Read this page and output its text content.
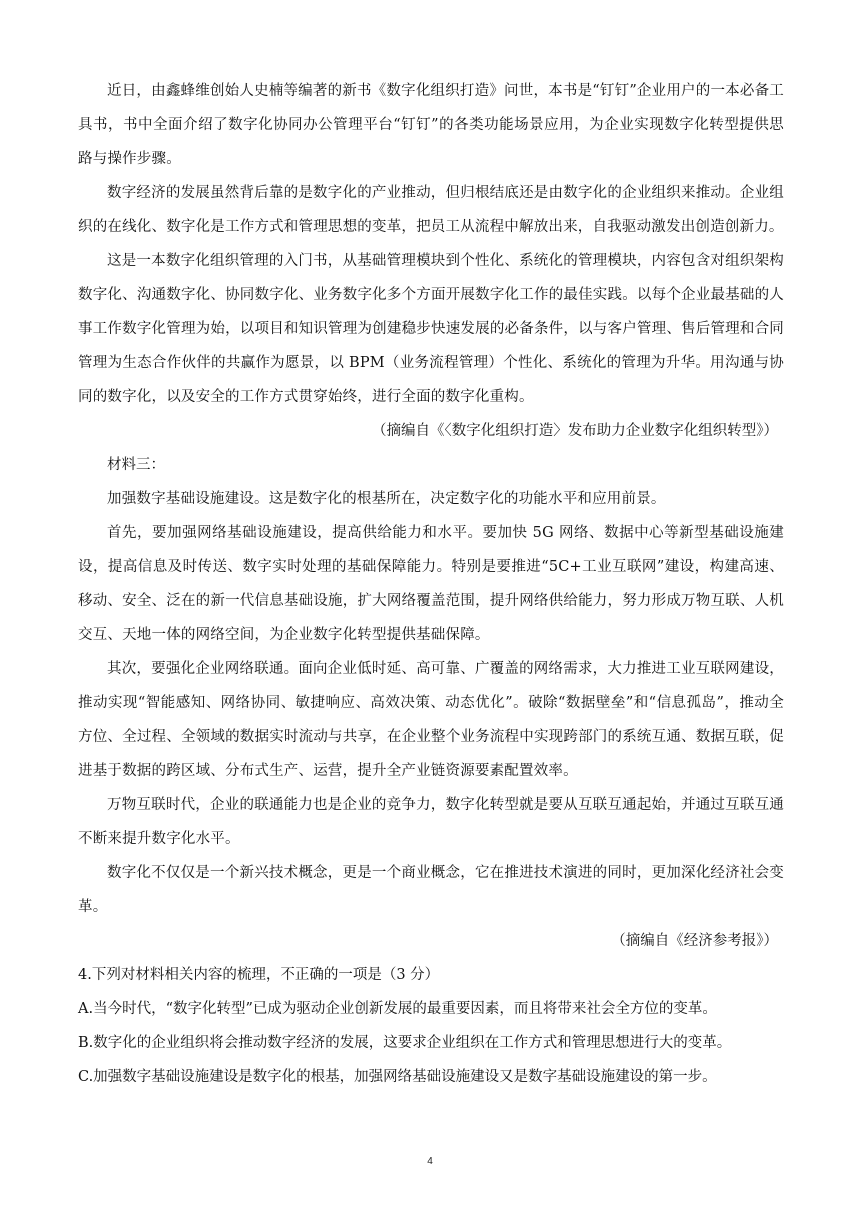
近日，由鑫蜂维创始人史楠等编著的新书《数字化组织打造》问世，本书是“钉钉”企业用户的一本必备工具书，书中全面介绍了数字化协同办公管理平台“钉钉”的各类功能场景应用，为企业实现数字化转型提供思路与操作步骤。

数字经济的发展虽然背后靠的是数字化的产业推动，但归根结底还是由数字化的企业组织来推动。企业组织的在线化、数字化是工作方式和管理思想的变革，把员工从流程中解放出来，自我驱动激发出创造创新力。

这是一本数字化组织管理的入门书，从基础管理模块到个性化、系统化的管理模块，内容包含对组织架构数字化、沟通数字化、协同数字化、业务数字化多个方面开展数字化工作的最佳实践。以每个企业最基础的人事工作数字化管理为始，以项目和知识管理为创建稳步快速发展的必备条件，以与客户管理、售后管理和合同管理为生态合作伙伴的共赢作为愿景，以 BPM（业务流程管理）个性化、系统化的管理为升华。用沟通与协同的数字化，以及安全的工作方式贯穿始终，进行全面的数字化重构。

（摘编自《〈数字化组织打造〉发布助力企业数字化组织转型》）

材料三：

加强数字基础设施建设。这是数字化的根基所在，决定数字化的功能水平和应用前景。

首先，要加强网络基础设施建设，提高供给能力和水平。要加快 5G 网络、数据中心等新型基础设施建设，提高信息及时传送、数字实时处理的基础保障能力。特别是要推进“5C+工业互联网”建设，构建高速、移动、安全、泛在的新一代信息基础设施，扩大网络覆盖范围，提升网络供给能力，努力形成万物互联、人机交互、天地一体的网络空间，为企业数字化转型提供基础保障。

其次，要强化企业网络联通。面向企业低时延、高可靠、广覆盖的网络需求，大力推进工业互联网建设，推动实现“智能感知、网络协同、敏捷响应、高效决策、动态优化”。破除“数据壁垒”和“信息孤岛”，推动全方位、全过程、全领域的数据实时流动与共享，在企业整个业务流程中实现跨部门的系统互通、数据互联，促进基于数据的跨区域、分布式生产、运营，提升全产业链资源要素配置效率。

万物互联时代，企业的联通能力也是企业的竞争力，数字化转型就是要从互联互通起始，并通过互联互通不断来提升数字化水平。

数字化不仅仅是一个新兴技术概念，更是一个商业概念，它在推进技术演进的同时，更加深化经济社会变革。

（摘编自《经济参考报》）

4.下列对材料相关内容的梳理，不正确的一项是（3 分）

A.当今时代，“数字化转型”已成为驱动企业创新发展的最重要因素，而且将带来社会全方位的变革。

B.数字化的企业组织将会推动数字经济的发展，这要求企业组织在工作方式和管理思想进行大的变革。

C.加强数字基础设施建设是数字化的根基，加强网络基础设施建设又是数字基础设施建设的第一步。

4
